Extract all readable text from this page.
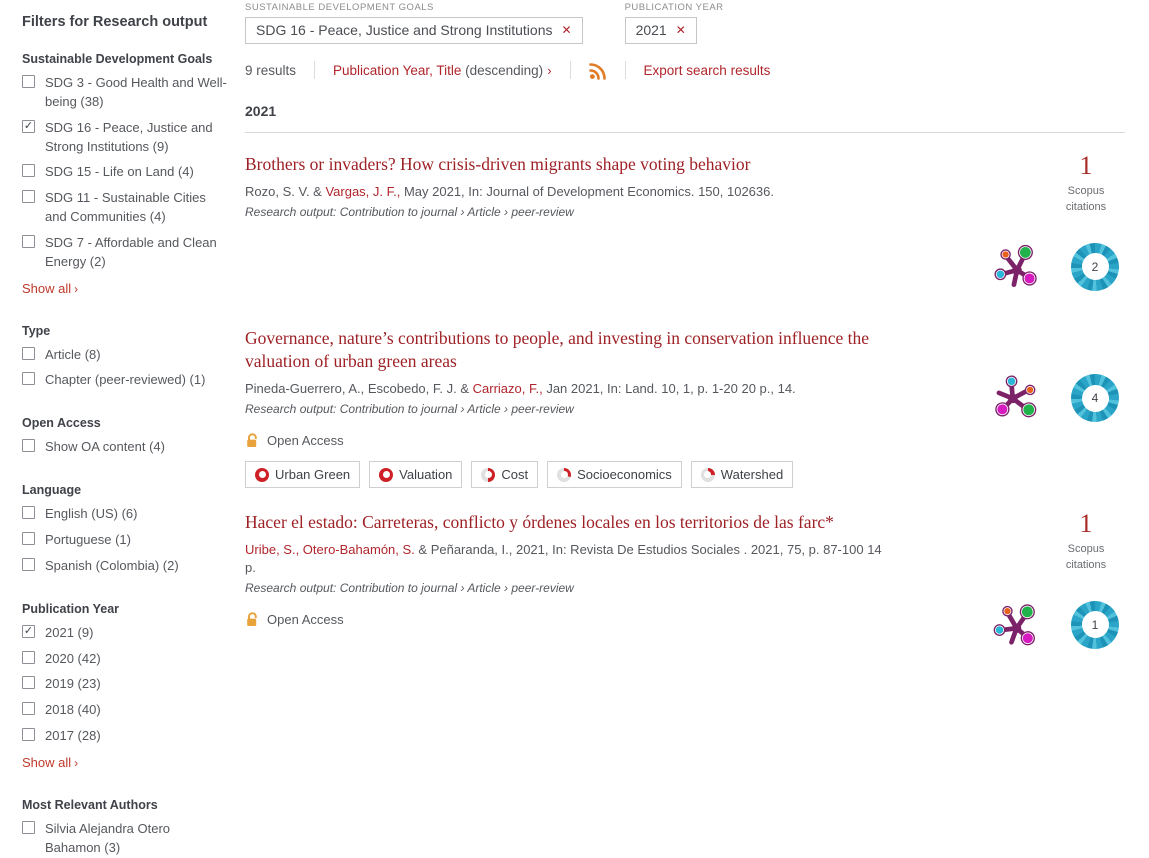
Filters for Research output
Sustainable Development Goals
SDG 3 - Good Health and Well-being (38)
✓ SDG 16 - Peace, Justice and Strong Institutions (9)
SDG 15 - Life on Land (4)
SDG 11 - Sustainable Cities and Communities (4)
SDG 7 - Affordable and Clean Energy (2)
Show all ›
Type
Article (8)
Chapter (peer-reviewed) (1)
Open Access
Show OA content (4)
Language
English (US) (6)
Portuguese (1)
Spanish (Colombia) (2)
Publication Year
✓ 2021 (9)
2020 (42)
2019 (23)
2018 (40)
2017 (28)
Show all ›
Most Relevant Authors
Silvia Alejandra Otero Bahamon (3)
SUSTAINABLE DEVELOPMENT GOALS
SDG 16 - Peace, Justice and Strong Institutions ✕
PUBLICATION YEAR
2021 ✕
9 results	Publication Year, Title (descending) ›	Export search results
2021
Brothers or invaders? How crisis-driven migrants shape voting behavior
Rozo, S. V. & Vargas, J. F., May 2021, In: Journal of Development Economics. 150, 102636.
Research output: Contribution to journal › Article › peer-review
1
Scopus
citations
2
Governance, nature’s contributions to people, and investing in conservation influence the valuation of urban green areas
Pineda-Guerrero, A., Escobedo, F. J. & Carriazo, F., Jan 2021, In: Land. 10, 1, p. 1-20 20 p., 14.
Research output: Contribution to journal › Article › peer-review
Open Access
Urban Green	Valuation	Cost	Socioeconomics	Watershed
4
Hacer el estado: Carreteras, conflicto y órdenes locales en los territorios de las farc*
Uribe, S., Otero-Bahamón, S. & Peñaranda, I., 2021, In: Revista De Estudios Sociales . 2021, 75, p. 87-100 14 p.
Research output: Contribution to journal › Article › peer-review
Open Access
1
Scopus
citations
1
